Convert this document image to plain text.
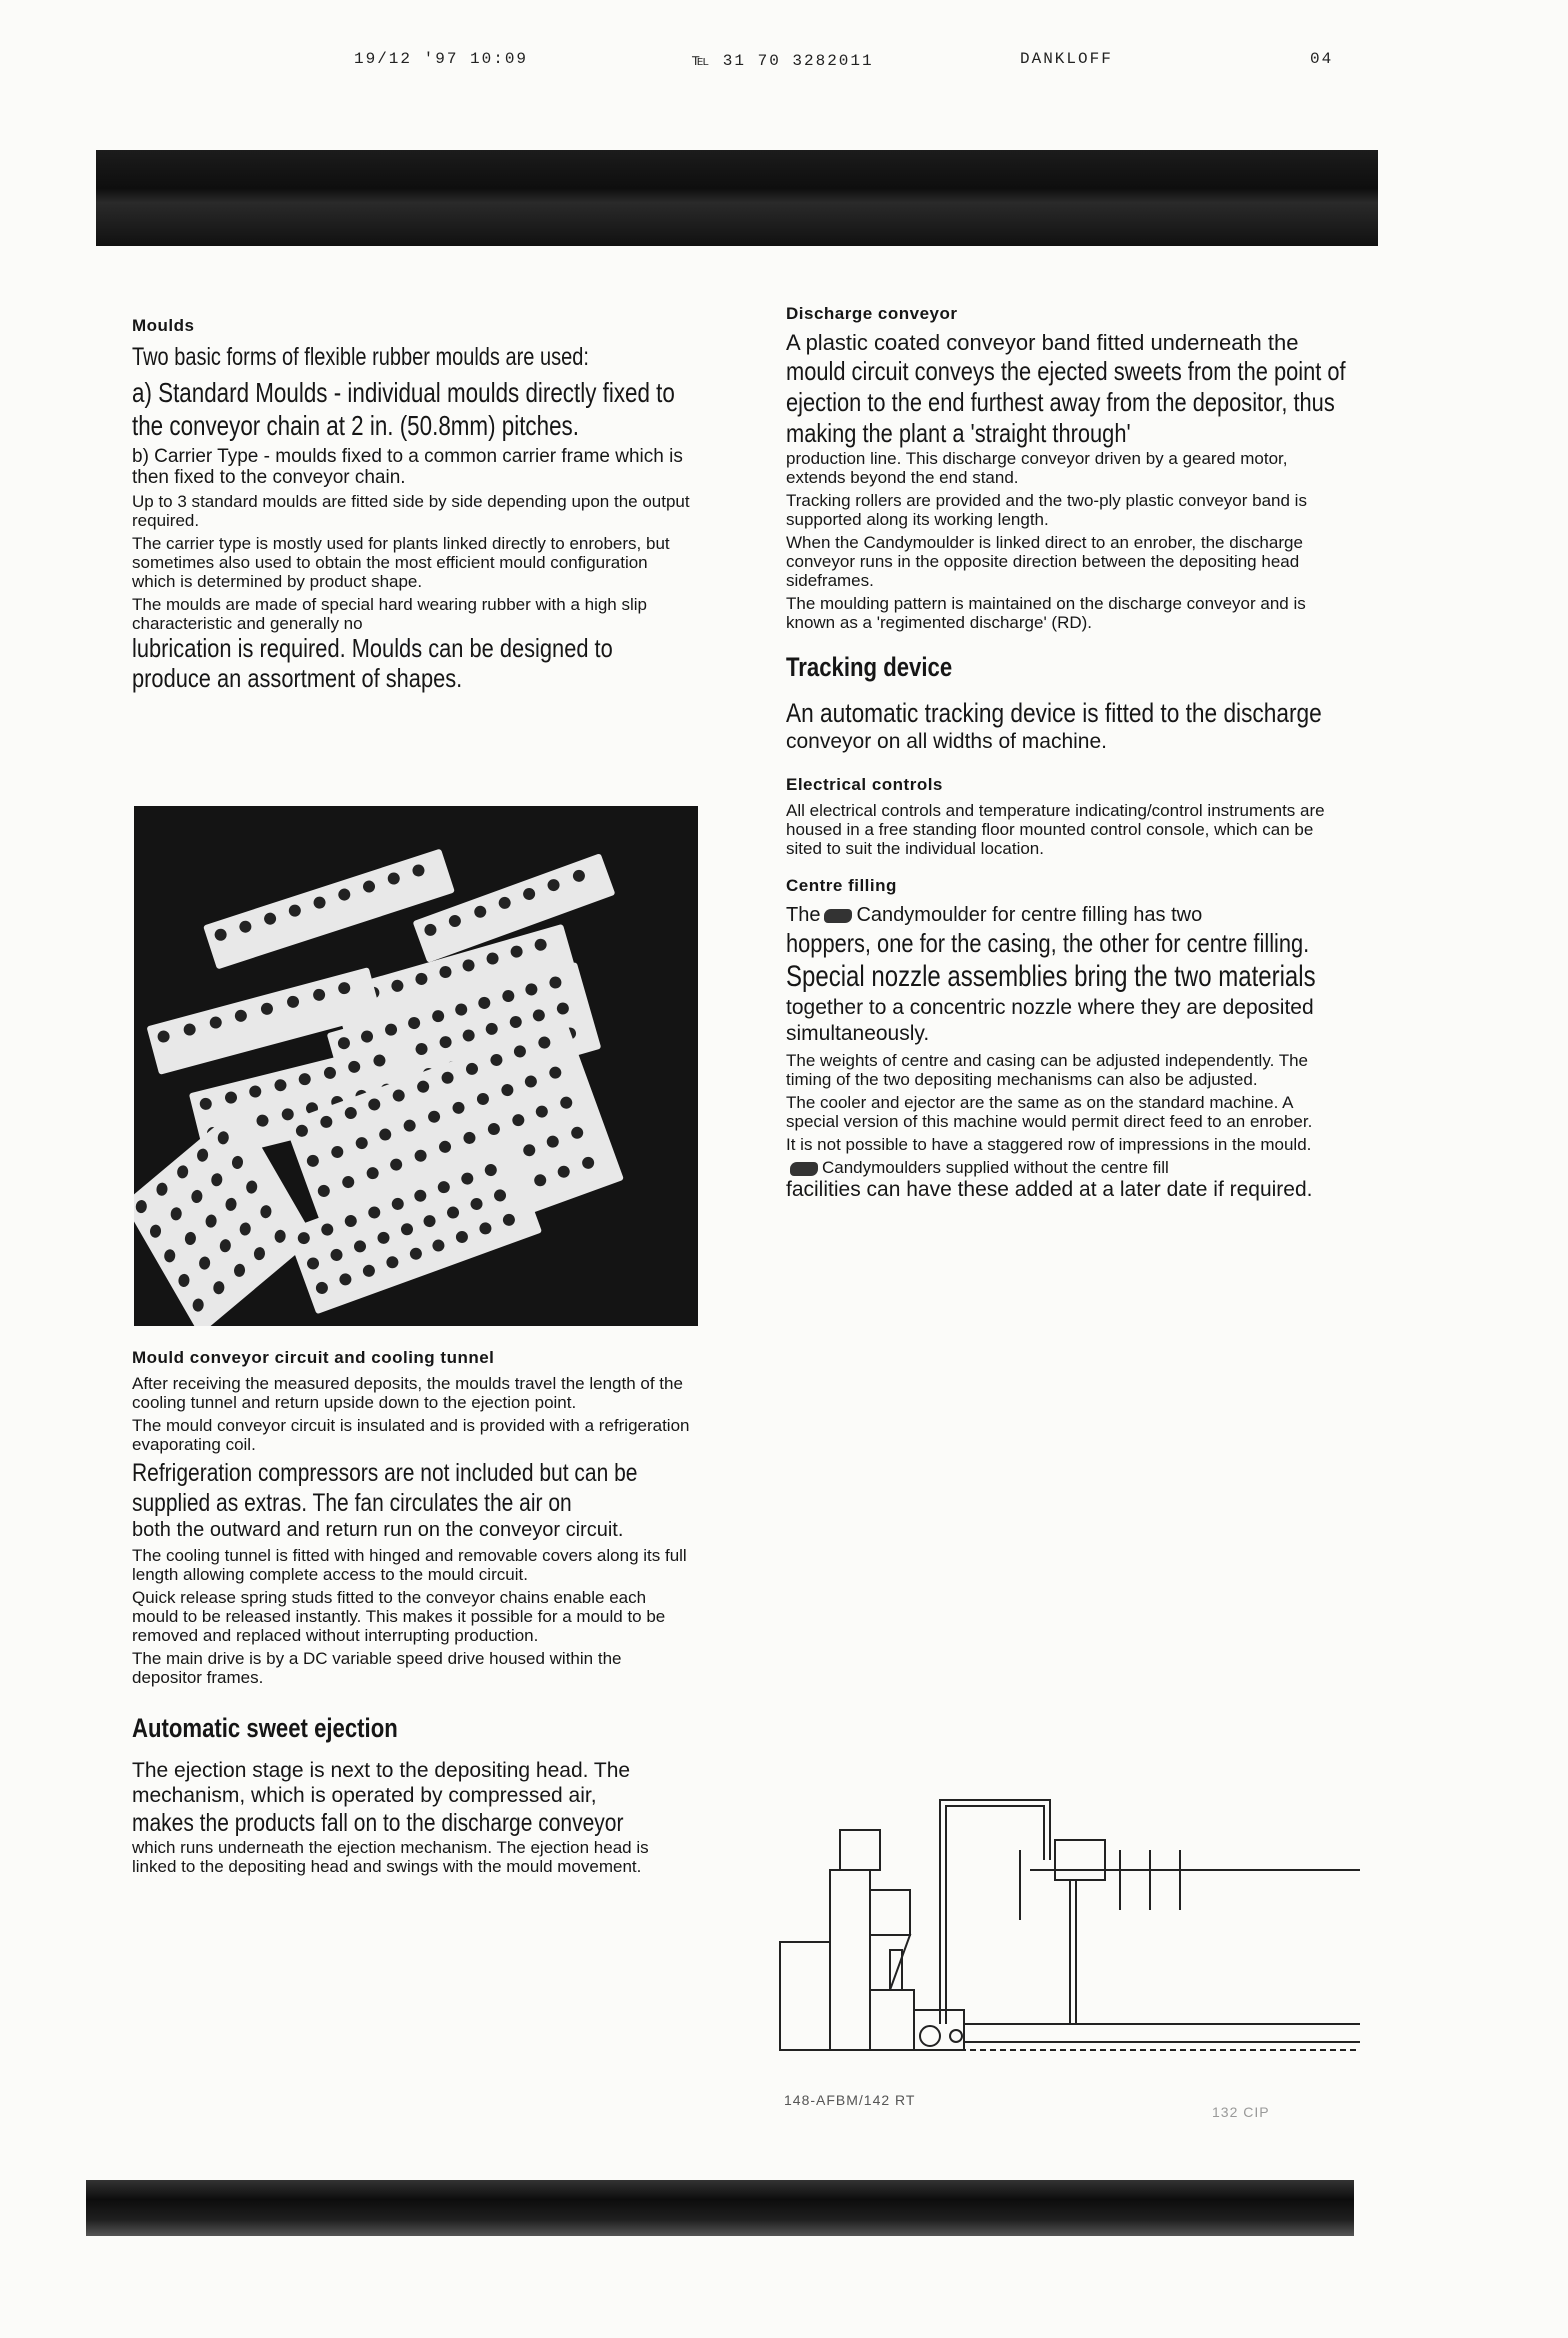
19/12 '97 10:09	℡ 31 70 3282011	DANKLOFF	04
Moulds

Two basic forms of flexible rubber moulds are used:

a) Standard Moulds - individual moulds directly fixed to the conveyor chain at 2 in. (50.8mm) pitches.

b) Carrier Type - moulds fixed to a common carrier frame which is then fixed to the conveyor chain.

Up to 3 standard moulds are fitted side by side depending upon the output required.

The carrier type is mostly used for plants linked directly to enrobers, but sometimes also used to obtain the most efficient mould configuration which is determined by product shape.

The moulds are made of special hard wearing rubber with a high slip characteristic and generally no

lubrication is required. Moulds can be designed to produce an assortment of shapes.

Mould conveyor circuit and cooling tunnel

After receiving the measured deposits, the moulds travel the length of the cooling tunnel and return upside down to the ejection point.

The mould conveyor circuit is insulated and is provided with a refrigeration evaporating coil.

Refrigeration compressors are not included but can be supplied as extras. The fan circulates the air on

both the outward and return run on the conveyor circuit.

The cooling tunnel is fitted with hinged and removable covers along its full length allowing complete access to the mould circuit.

Quick release spring studs fitted to the conveyor chains enable each mould to be released instantly. This makes it possible for a mould to be removed and replaced without interrupting production.

The main drive is by a DC variable speed drive housed within the depositor frames.

Automatic sweet ejection

The ejection stage is next to the depositing head. The mechanism, which is operated by compressed air,

makes the products fall on to the discharge conveyor

which runs underneath the ejection mechanism. The ejection head is linked to the depositing head and swings with the mould movement.

Discharge conveyor

A plastic coated conveyor band fitted underneath the

mould circuit conveys the ejected sweets from the point of ejection to the end furthest away from the depositor, thus making the plant a 'straight through'

production line. This discharge conveyor driven by a geared motor, extends beyond the end stand.

Tracking rollers are provided and the two-ply plastic conveyor band is supported along its working length.

When the Candymoulder is linked direct to an enrober, the discharge conveyor runs in the opposite direction between the depositing head sideframes.

The moulding pattern is maintained on the discharge conveyor and is known as a 'regimented discharge' (RD).

Tracking device

An automatic tracking device is fitted to the discharge

conveyor on all widths of machine.

Electrical controls

All electrical controls and temperature indicating/control instruments are housed in a free standing floor mounted control console, which can be sited to suit the individual location.

Centre filling

The Candymoulder for centre filling has two

hoppers, one for the casing, the other for centre filling.

Special nozzle assemblies bring the two materials

together to a concentric nozzle where they are deposited simultaneously.

The weights of centre and casing can be adjusted independently. The timing of the two depositing mechanisms can also be adjusted.

The cooler and ejector are the same as on the standard machine. A special version of this machine would permit direct feed to an enrober.

It is not possible to have a staggered row of impressions in the mould.

Candymoulders supplied without the centre fill

facilities can have these added at a later date if required.

148-AFBM/142 RT
132 CIP
